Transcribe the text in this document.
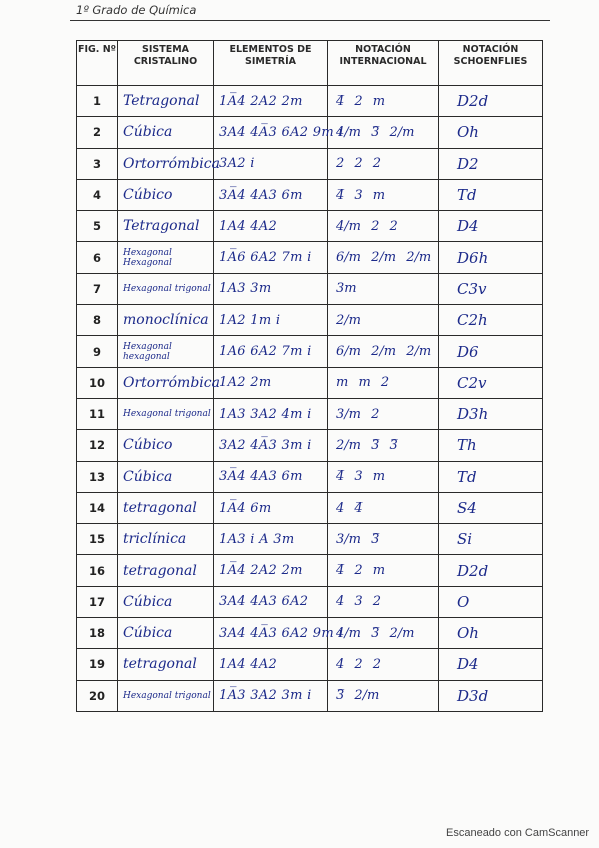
1º Grado de Química
FIG. Nº	SISTEMA CRISTALINO	ELEMENTOS DE SIMETRÍA	NOTACIÓN INTERNACIONAL	NOTACIÓN SCHOENFLIES
1	Tetragonal	1A̅4 2A2 2m	4̅ 2 m	D2d
2	Cúbica	3A4 4A̅3 6A2 9m i	4/m 3̅ 2/m	Oh
3	Ortorrómbica	3A2 i	2 2 2	D2
4	Cúbico	3A̅4 4A3 6m	4̅ 3 m	Td
5	Tetragonal	1A4 4A2	4/m 2 2	D4
6	Hexagonal Hexagonal	1A̅6 6A2 7m i	6/m 2/m 2/m	D6h
7	Hexagonal trigonal	1A3 3m	3m	C3v
8	monoclínica	1A2 1m i	2/m	C2h
9	Hexagonal hexagonal	1A6 6A2 7m i	6/m 2/m 2/m	D6
10	Ortorrómbica	1A2 2m	m m 2	C2v
11	Hexagonal trigonal	1A3 3A2 4m i	3/m 2	D3h
12	Cúbico	3A2 4A̅3 3m i	2/m 3̅ 3̅	Th
13	Cúbica	3A̅4 4A3 6m	4̅ 3 m	Td
14	tetragonal	1A̅4 6m	4 4̅	S4
15	triclínica	1A3 i A 3m	3/m 3̅	Si
16	tetragonal	1A̅4 2A2 2m	4̅ 2 m	D2d
17	Cúbica	3A4 4A3 6A2	4 3 2	O
18	Cúbica	3A4 4A̅3 6A2 9m i	4/m 3̅ 2/m	Oh
19	tetragonal	1A4 4A2	4 2 2	D4
20	Hexagonal trigonal	1A̅3 3A2 3m i	3̅ 2/m	D3d
Escaneado con CamScanner
